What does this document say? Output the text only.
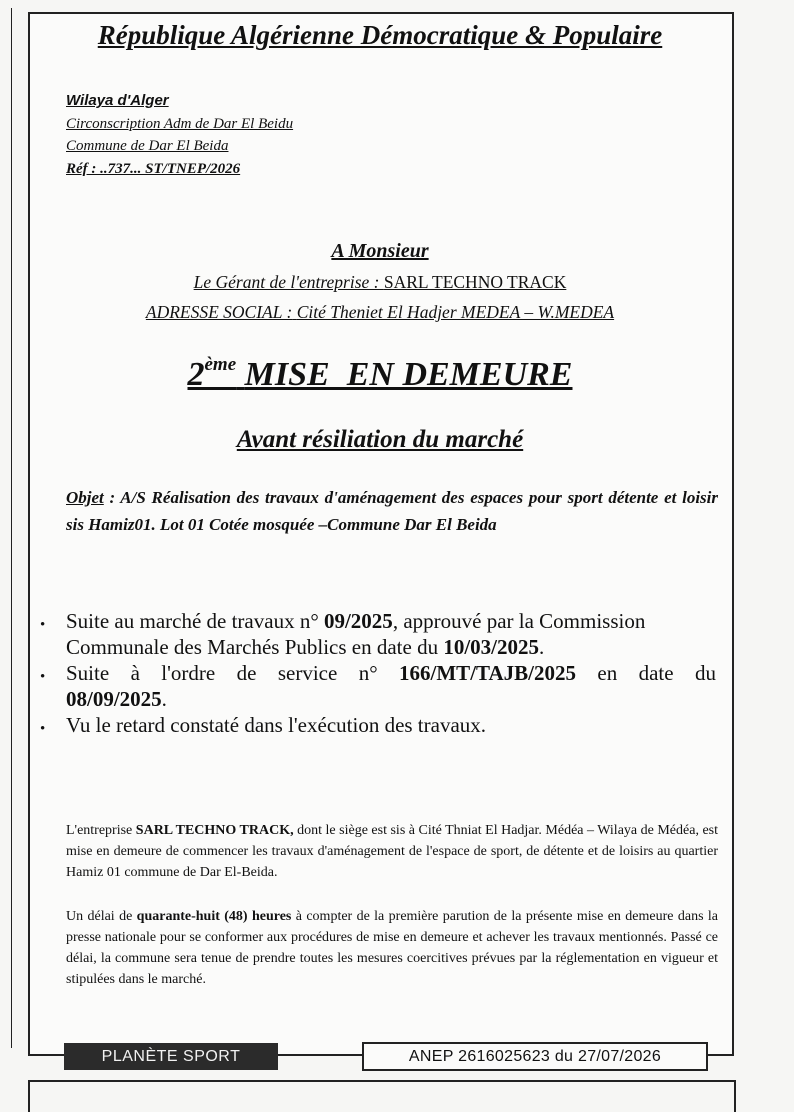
République Algérienne Démocratique & Populaire
Wilaya d'Alger
Circonscription Adm de Dar El Beidu
Commune de Dar El Beida
Réf : ..737... ST/TNEP/2026
A Monsieur
Le Gérant de l'entreprise : SARL TECHNO TRACK
ADRESSE SOCIAL : Cité Theniet El Hadjer MEDEA – W.MEDEA
2ème MISE  EN DEMEURE
Avant résiliation du marché
Objet : A/S Réalisation des travaux d'aménagement des espaces pour sport détente et loisir sis Hamiz01. Lot 01 Cotée mosquée –Commune Dar El Beida
• Suite au marché de travaux n° 09/2025, approuvé par la Commission Communale des Marchés Publics en date du 10/03/2025.
• Suite à l'ordre de service n° 166/MT/TAJB/2025 en date du
08/09/2025.
• Vu le retard constaté dans l'exécution des travaux.
L'entreprise SARL TECHNO TRACK, dont le siège est sis à Cité Thniat El Hadjar. Médéa – Wilaya de Médéa, est mise en demeure de commencer les travaux d'aménagement de l'espace de sport, de détente et de loisirs au quartier Hamiz 01 commune de Dar El-Beida.
Un délai de quarante-huit (48) heures à compter de la première parution de la présente mise en demeure dans la presse nationale pour se conformer aux procédures de mise en demeure et achever les travaux mentionnés. Passé ce délai, la commune sera tenue de prendre toutes les mesures coercitives prévues par la réglementation en vigueur et stipulées dans le marché.
PLANÈTE SPORT	ANEP 2616025623 du 27/07/2026
